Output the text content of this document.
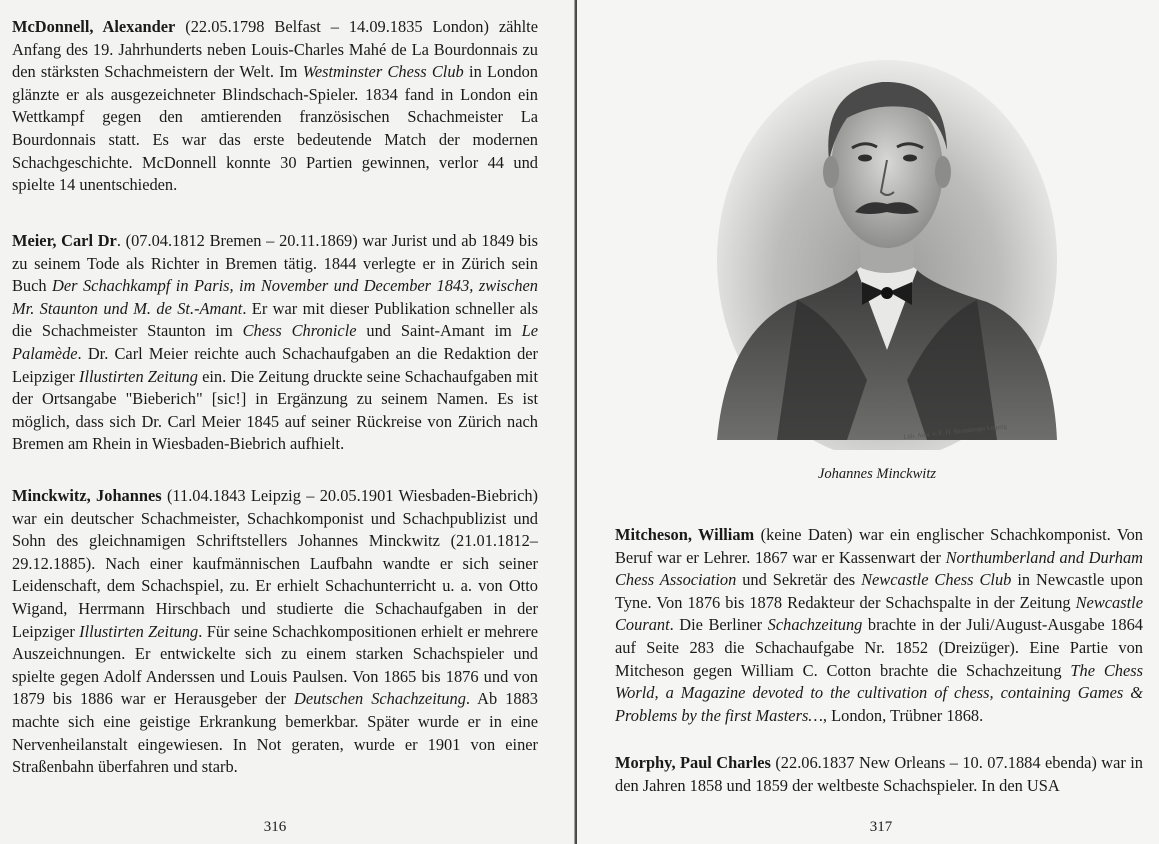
McDonnell, Alexander (22.05.1798 Belfast – 14.09.1835 London) zählte Anfang des 19. Jahrhunderts neben Louis-Charles Mahé de La Bourdonnais zu den stärksten Schachmeistern der Welt. Im Westminster Chess Club in London glänzte er als ausgezeichneter Blindschach-Spieler. 1834 fand in London ein Wettkampf gegen den amtierenden französischen Schachmeister La Bourdonnais statt. Es war das erste bedeutende Match der modernen Schachgeschichte. McDonnell konnte 30 Partien gewinnen, verlor 44 und spielte 14 unentschieden.

Meier, Carl Dr. (07.04.1812 Bremen – 20.11.1869) war Jurist und ab 1849 bis zu seinem Tode als Richter in Bremen tätig. 1844 verlegte er in Zürich sein Buch Der Schachkampf in Paris, im November und December 1843, zwischen Mr. Staunton und M. de St.-Amant. Er war mit dieser Publikation schneller als die Schachmeister Staunton im Chess Chronicle und Saint-Amant im Le Palamède. Dr. Carl Meier reichte auch Schachaufgaben an die Redaktion der Leipziger Illustirten Zeitung ein. Die Zeitung druckte seine Schachaufgaben mit der Ortsangabe "Bieberich" [sic!] in Ergänzung zu seinem Namen. Es ist möglich, dass sich Dr. Carl Meier 1845 auf seiner Rückreise von Zürich nach Bremen am Rhein in Wiesbaden-Biebrich aufhielt.

Minckwitz, Johannes (11.04.1843 Leipzig – 20.05.1901 Wiesbaden-Biebrich) war ein deutscher Schachmeister, Schachkomponist und Schachpublizist und Sohn des gleichnamigen Schriftstellers Johannes Minckwitz (21.01.1812–29.12.1885). Nach einer kaufmännischen Laufbahn wandte er sich seiner Leidenschaft, dem Schachspiel, zu. Er erhielt Schachunterricht u. a. von Otto Wigand, Herrmann Hirschbach und studierte die Schachaufgaben in der Leipziger Illustirten Zeitung. Für seine Schachkompositionen erhielt er mehrere Auszeichnungen. Er entwickelte sich zu einem starken Schachspieler und spielte gegen Adolf Anderssen und Louis Paulsen. Von 1865 bis 1876 und von 1879 bis 1886 war er Herausgeber der Deutschen Schachzeitung. Ab 1883 machte sich eine geistige Erkrankung bemerkbar. Später wurde er in eine Nervenheilanstalt eingewiesen. In Not geraten, wurde er 1901 von einer Straßenbahn überfahren und starb.

316
Lith. Anst. v. E. H. Strassberger Leipzig
Johannes Minckwitz

Mitcheson, William (keine Daten) war ein englischer Schachkomponist. Von Beruf war er Lehrer. 1867 war er Kassenwart der Northumberland and Durham Chess Association und Sekretär des Newcastle Chess Club in Newcastle upon Tyne. Von 1876 bis 1878 Redakteur der Schachspalte in der Zeitung Newcastle Courant. Die Berliner Schachzeitung brachte in der Juli/August-Ausgabe 1864 auf Seite 283 die Schachaufgabe Nr. 1852 (Dreizüger). Eine Partie von Mitcheson gegen William C. Cotton brachte die Schachzeitung The Chess World, a Magazine devoted to the cultivation of chess, containing Games & Problems by the first Masters…, London, Trübner 1868.

Morphy, Paul Charles (22.06.1837 New Orleans – 10. 07.1884 ebenda) war in den Jahren 1858 und 1859 der weltbeste Schachspieler. In den USA

317
